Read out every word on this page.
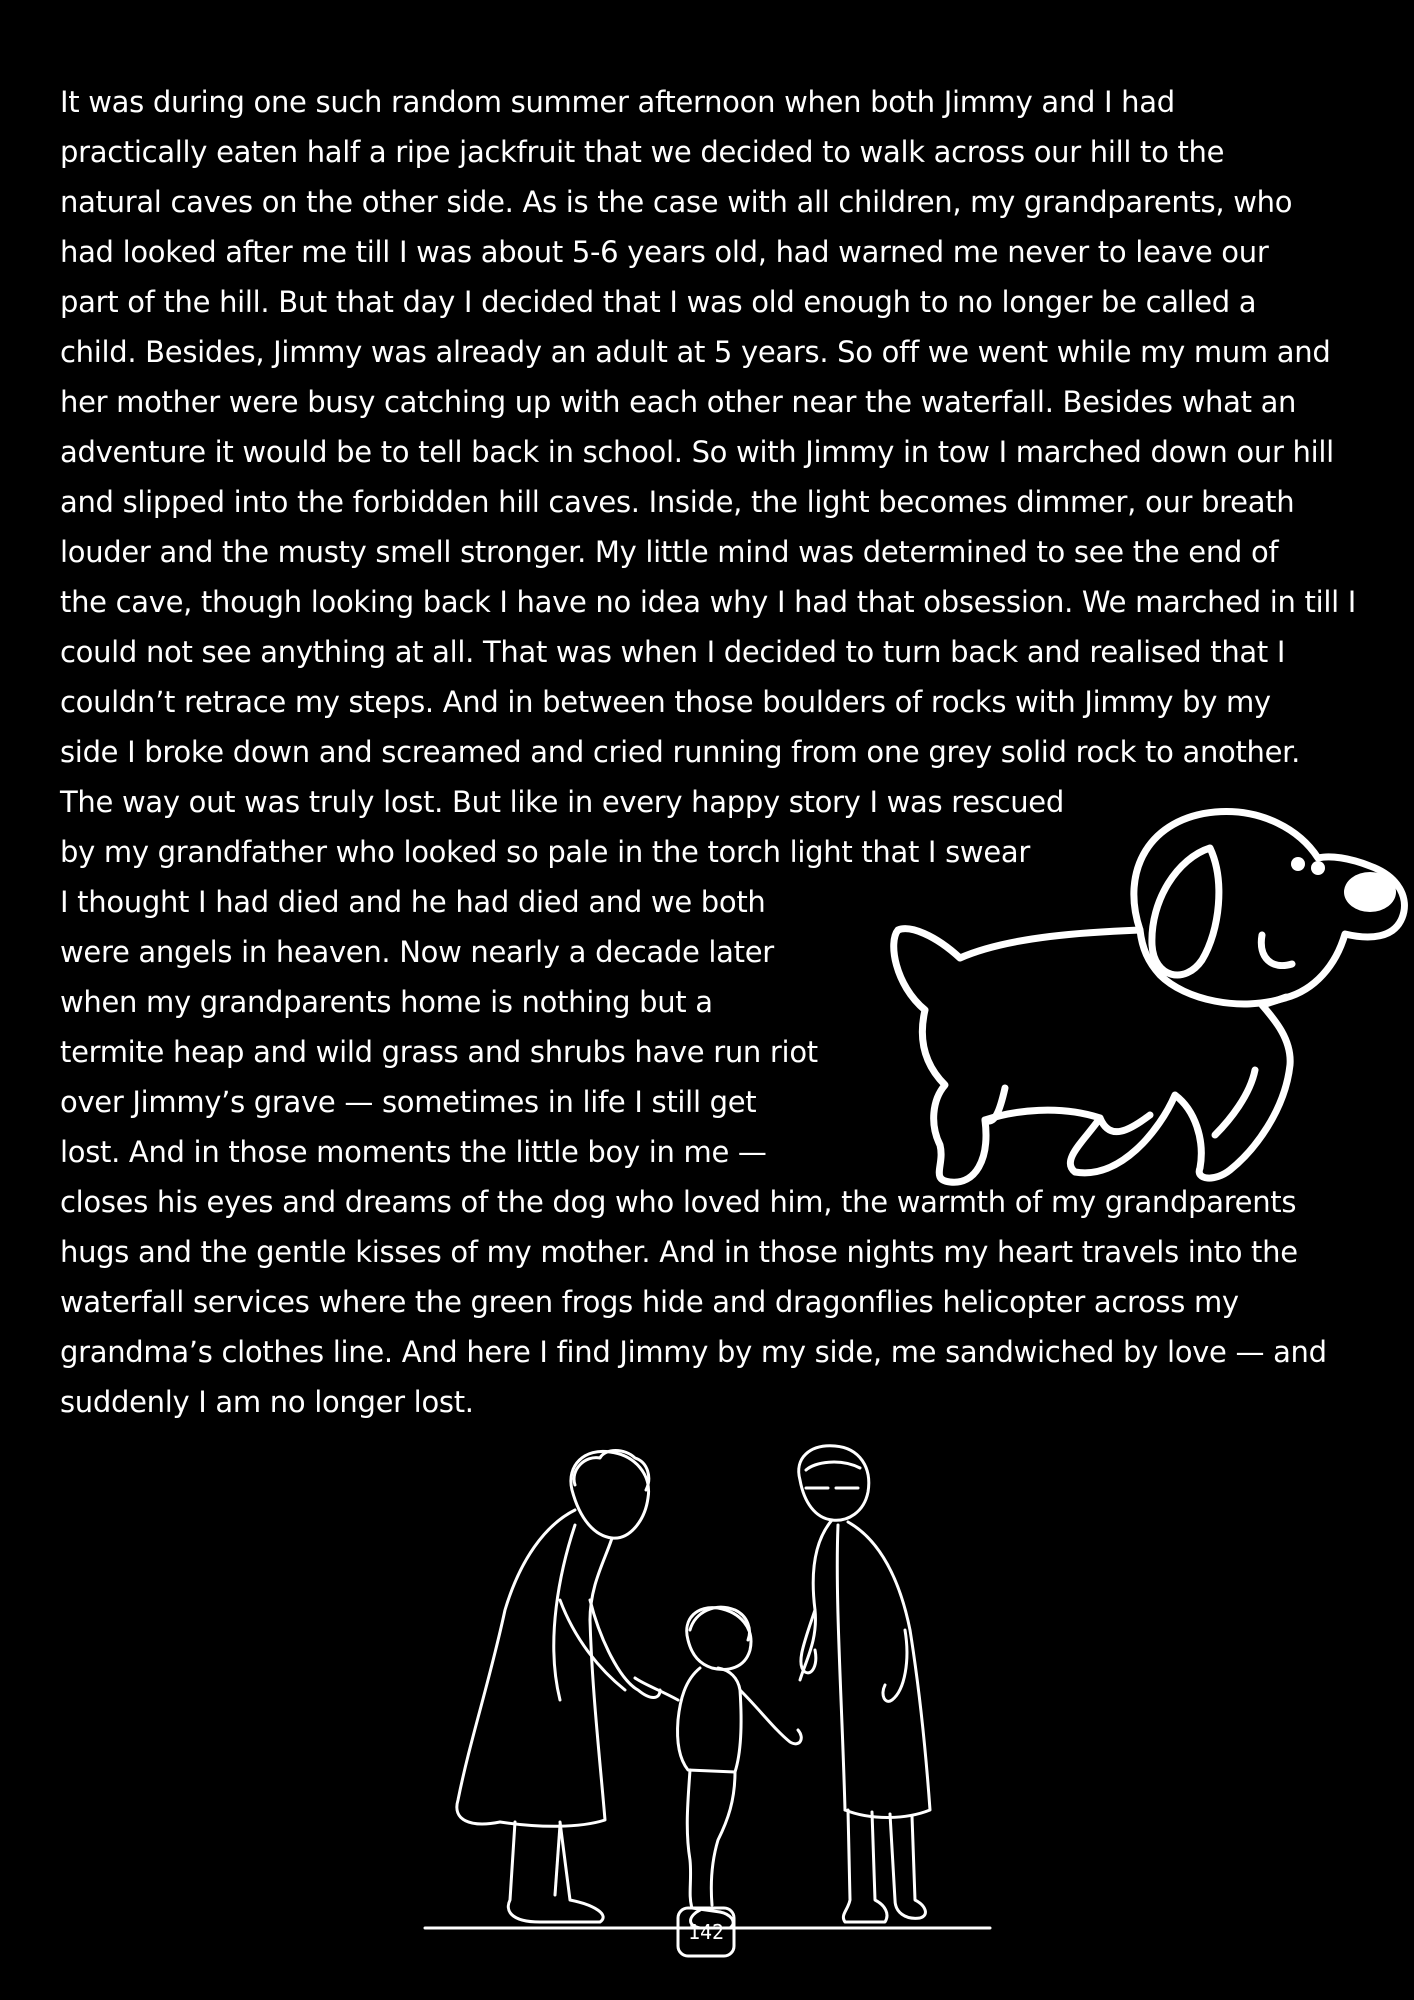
It was during one such random summer afternoon when both Jimmy and I had

practically eaten half a ripe jackfruit that we decided to walk across our hill to the

natural caves on the other side. As is the case with all children, my grandparents, who

had looked after me till I was about 5-6 years old, had warned me never to leave our

part of the hill. But that day I decided that I was old enough to no longer be called a

child. Besides, Jimmy was already an adult at 5 years. So off we went while my mum and

her mother were busy catching up with each other near the waterfall. Besides what an

adventure it would be to tell back in school. So with Jimmy in tow I marched down our hill

and slipped into the forbidden hill caves. Inside, the light becomes dimmer, our breath

louder and the musty smell stronger. My little mind was determined to see the end of

the cave, though looking back I have no idea why I had that obsession. We marched in till I

could not see anything at all. That was when I decided to turn back and realised that I

couldn’t retrace my steps. And in between those boulders of rocks with Jimmy by my

side I broke down and screamed and cried running from one grey solid rock to another.

The way out was truly lost. But like in every happy story I was rescued

by my grandfather who looked so pale in the torch light that I swear

I thought I had died and he had died and we both

were angels in heaven. Now nearly a decade later

when my grandparents home is nothing but a

termite heap and wild grass and shrubs have run riot

over Jimmy’s grave — sometimes in life I still get

lost. And in those moments the little boy in me —

closes his eyes and dreams of the dog who loved him, the warmth of my grandparents

hugs and the gentle kisses of my mother. And in those nights my heart travels into the

waterfall services where the green frogs hide and dragonflies helicopter across my

grandma’s clothes line. And here I find Jimmy by my side, me sandwiched by love — and

suddenly I am no longer lost.

142
